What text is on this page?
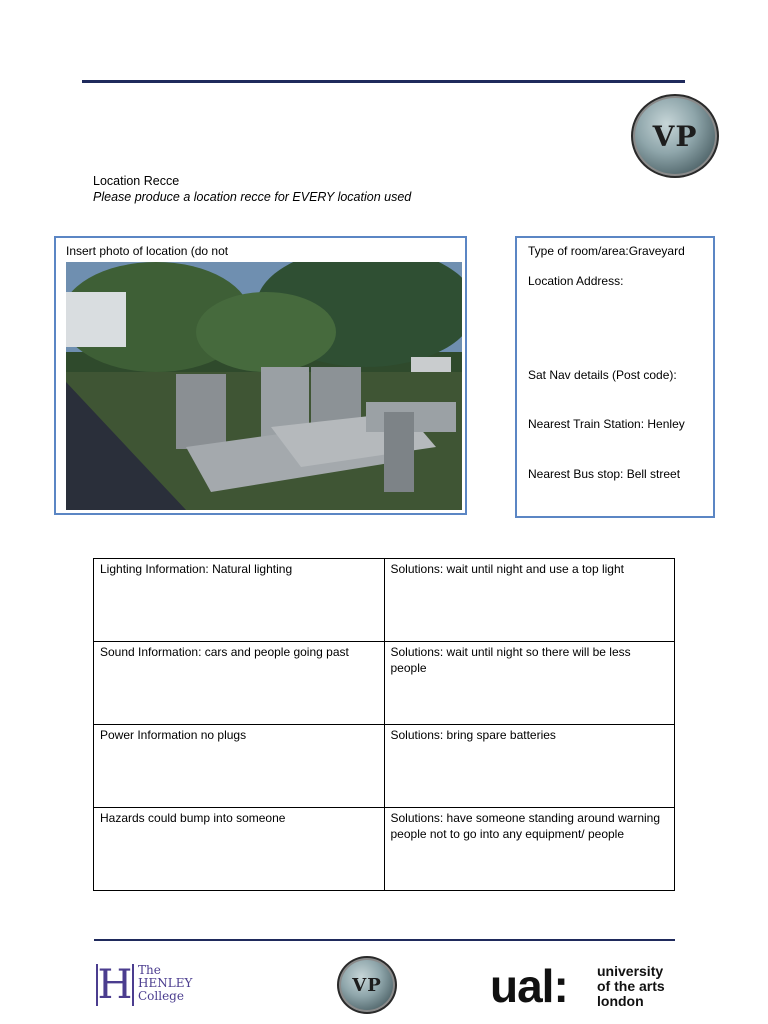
VP
Location Recce
Please produce a location recce for EVERY location used
Insert photo of location (do not	Type of room/area:Graveyard
Location Address:
Sat Nav details (Post code):
Nearest Train Station: Henley
Nearest Bus stop: Bell street
Lighting Information: Natural lighting	Solutions: wait until night and use a top light
Sound Information: cars and people going past	Solutions: wait until night so there will be less people
Power Information no plugs	Solutions: bring spare batteries
Hazards could bump into someone	Solutions: have someone standing around warning people not to go into any equipment/ people
H The
HENLEY
College
VP ual: university
of the arts
london
